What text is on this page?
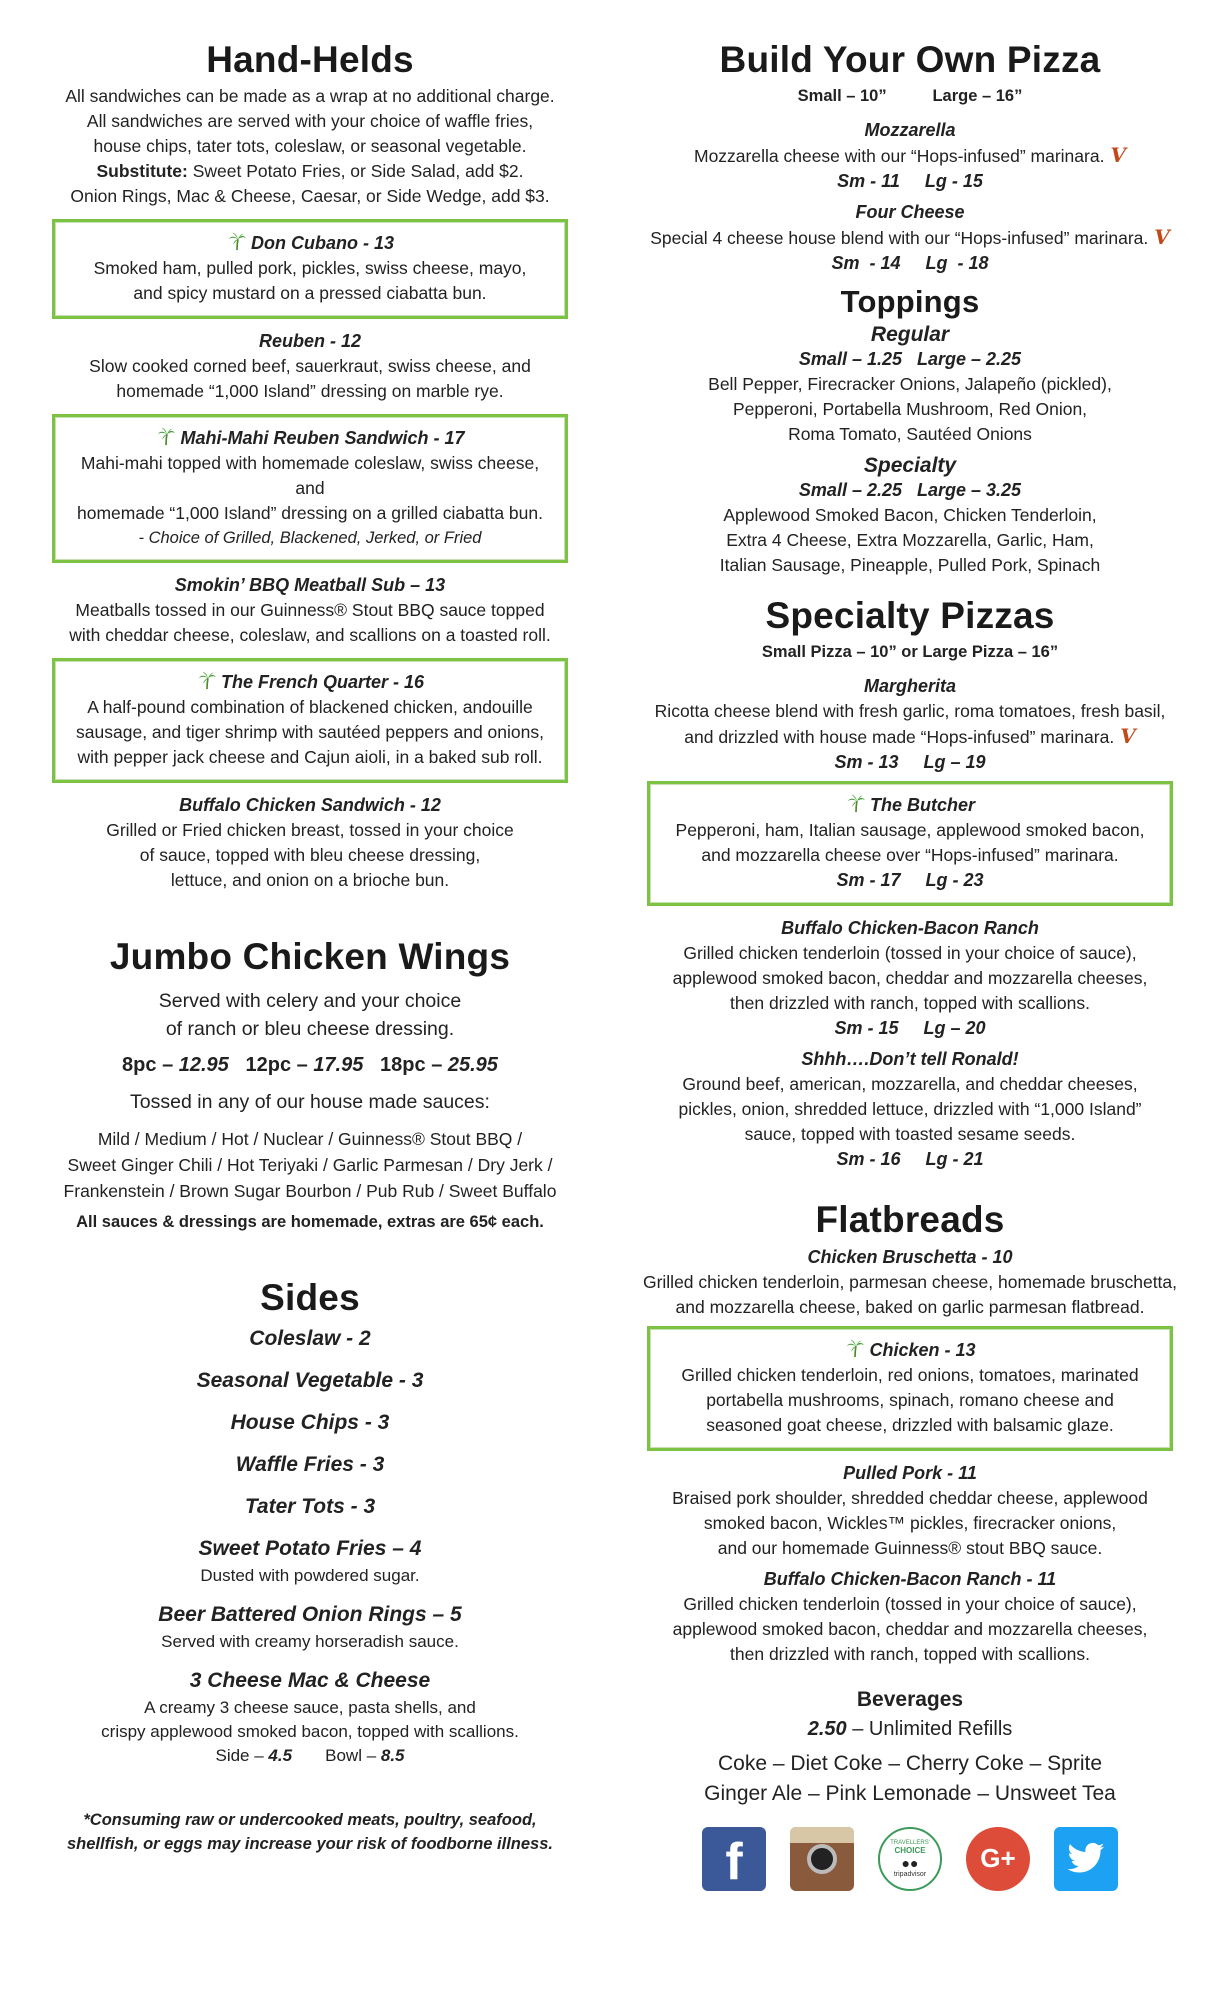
Hand-Helds

All sandwiches can be made as a wrap at no additional charge.

All sandwiches are served with your choice of waffle fries,

house chips, tater tots, coleslaw, or seasonal vegetable.

Substitute: Sweet Potato Fries, or Side Salad, add $2.

Onion Rings, Mac & Cheese, Caesar, or Side Wedge, add $3.

Don Cubano - 13

Smoked ham, pulled pork, pickles, swiss cheese, mayo,

and spicy mustard on a pressed ciabatta bun.

Reuben - 12

Slow cooked corned beef, sauerkraut, swiss cheese, and

homemade “1,000 Island” dressing on marble rye.

Mahi-Mahi Reuben Sandwich - 17

Mahi-mahi topped with homemade coleslaw, swiss cheese, and

homemade “1,000 Island” dressing on a grilled ciabatta bun.

- Choice of Grilled, Blackened, Jerked, or Fried

Smokin’ BBQ Meatball Sub – 13

Meatballs tossed in our Guinness® Stout BBQ sauce topped

with cheddar cheese, coleslaw, and scallions on a toasted roll.

The French Quarter - 16

A half-pound combination of blackened chicken, andouille

sausage, and tiger shrimp with sautéed peppers and onions,

with pepper jack cheese and Cajun aioli, in a baked sub roll.

Buffalo Chicken Sandwich - 12

Grilled or Fried chicken breast, tossed in your choice

of sauce, topped with bleu cheese dressing,

lettuce, and onion on a brioche bun.

Jumbo Chicken Wings

Served with celery and your choice

of ranch or bleu cheese dressing.

8pc – 12.95 12pc – 17.95 18pc – 25.95

Tossed in any of our house made sauces:

Mild / Medium / Hot / Nuclear / Guinness® Stout BBQ /

Sweet Ginger Chili / Hot Teriyaki / Garlic Parmesan / Dry Jerk /

Frankenstein / Brown Sugar Bourbon / Pub Rub / Sweet Buffalo

All sauces & dressings are homemade, extras are 65¢ each.

Sides

Coleslaw - 2

Seasonal Vegetable - 3

House Chips - 3

Waffle Fries - 3

Tater Tots - 3

Sweet Potato Fries – 4

Dusted with powdered sugar.

Beer Battered Onion Rings – 5

Served with creamy horseradish sauce.

3 Cheese Mac & Cheese

A creamy 3 cheese sauce, pasta shells, and

crispy applewood smoked bacon, topped with scallions.

Side – 4.5 Bowl – 8.5

*Consuming raw or undercooked meats, poultry, seafood,

shellfish, or eggs may increase your risk of foodborne illness.

Build Your Own Pizza

Small – 10”	Large – 16”

Mozzarella

Mozzarella cheese with our “Hops-infused” marinara. V

Sm - 11     Lg - 15

Four Cheese

Special 4 cheese house blend with our “Hops-infused” marinara. V

Sm  - 14     Lg  - 18

Toppings

Regular

Small – 1.25   Large – 2.25

Bell Pepper, Firecracker Onions, Jalapeño (pickled),

Pepperoni, Portabella Mushroom, Red Onion,

Roma Tomato, Sautéed Onions

Specialty

Small – 2.25   Large – 3.25

Applewood Smoked Bacon, Chicken Tenderloin,

Extra 4 Cheese, Extra Mozzarella, Garlic, Ham,

Italian Sausage, Pineapple, Pulled Pork, Spinach

Specialty Pizzas

Small Pizza – 10” or Large Pizza – 16”

Margherita

Ricotta cheese blend with fresh garlic, roma tomatoes, fresh basil,

and drizzled with house made “Hops-infused” marinara. V

Sm - 13     Lg – 19

The Butcher

Pepperoni, ham, Italian sausage, applewood smoked bacon,

and mozzarella cheese over “Hops-infused” marinara.

Sm - 17     Lg - 23

Buffalo Chicken-Bacon Ranch

Grilled chicken tenderloin (tossed in your choice of sauce),

applewood smoked bacon, cheddar and mozzarella cheeses,

then drizzled with ranch, topped with scallions.

Sm - 15     Lg – 20

Shhh….Don’t tell Ronald!

Ground beef, american, mozzarella, and cheddar cheeses,

pickles, onion, shredded lettuce, drizzled with “1,000 Island”

sauce, topped with toasted sesame seeds.

Sm - 16     Lg - 21

Flatbreads

Chicken Bruschetta - 10

Grilled chicken tenderloin, parmesan cheese, homemade bruschetta,

and mozzarella cheese, baked on garlic parmesan flatbread.

Chicken - 13

Grilled chicken tenderloin, red onions, tomatoes, marinated

portabella mushrooms, spinach, romano cheese and

seasoned goat cheese, drizzled with balsamic glaze.

Pulled Pork - 11

Braised pork shoulder, shredded cheddar cheese, applewood

smoked bacon, Wickles™ pickles, firecracker onions,

and our homemade Guinness® stout BBQ sauce.

Buffalo Chicken-Bacon Ranch - 11

Grilled chicken tenderloin (tossed in your choice of sauce),

applewood smoked bacon, cheddar and mozzarella cheeses,

then drizzled with ranch, topped with scallions.

Beverages

2.50 – Unlimited Refills

Coke – Diet Coke – Cherry Coke – Sprite

Ginger Ale – Pink Lemonade – Unsweet Tea

f	TRAVELLERS'
CHOICE
●●
tripadvisor
G+
